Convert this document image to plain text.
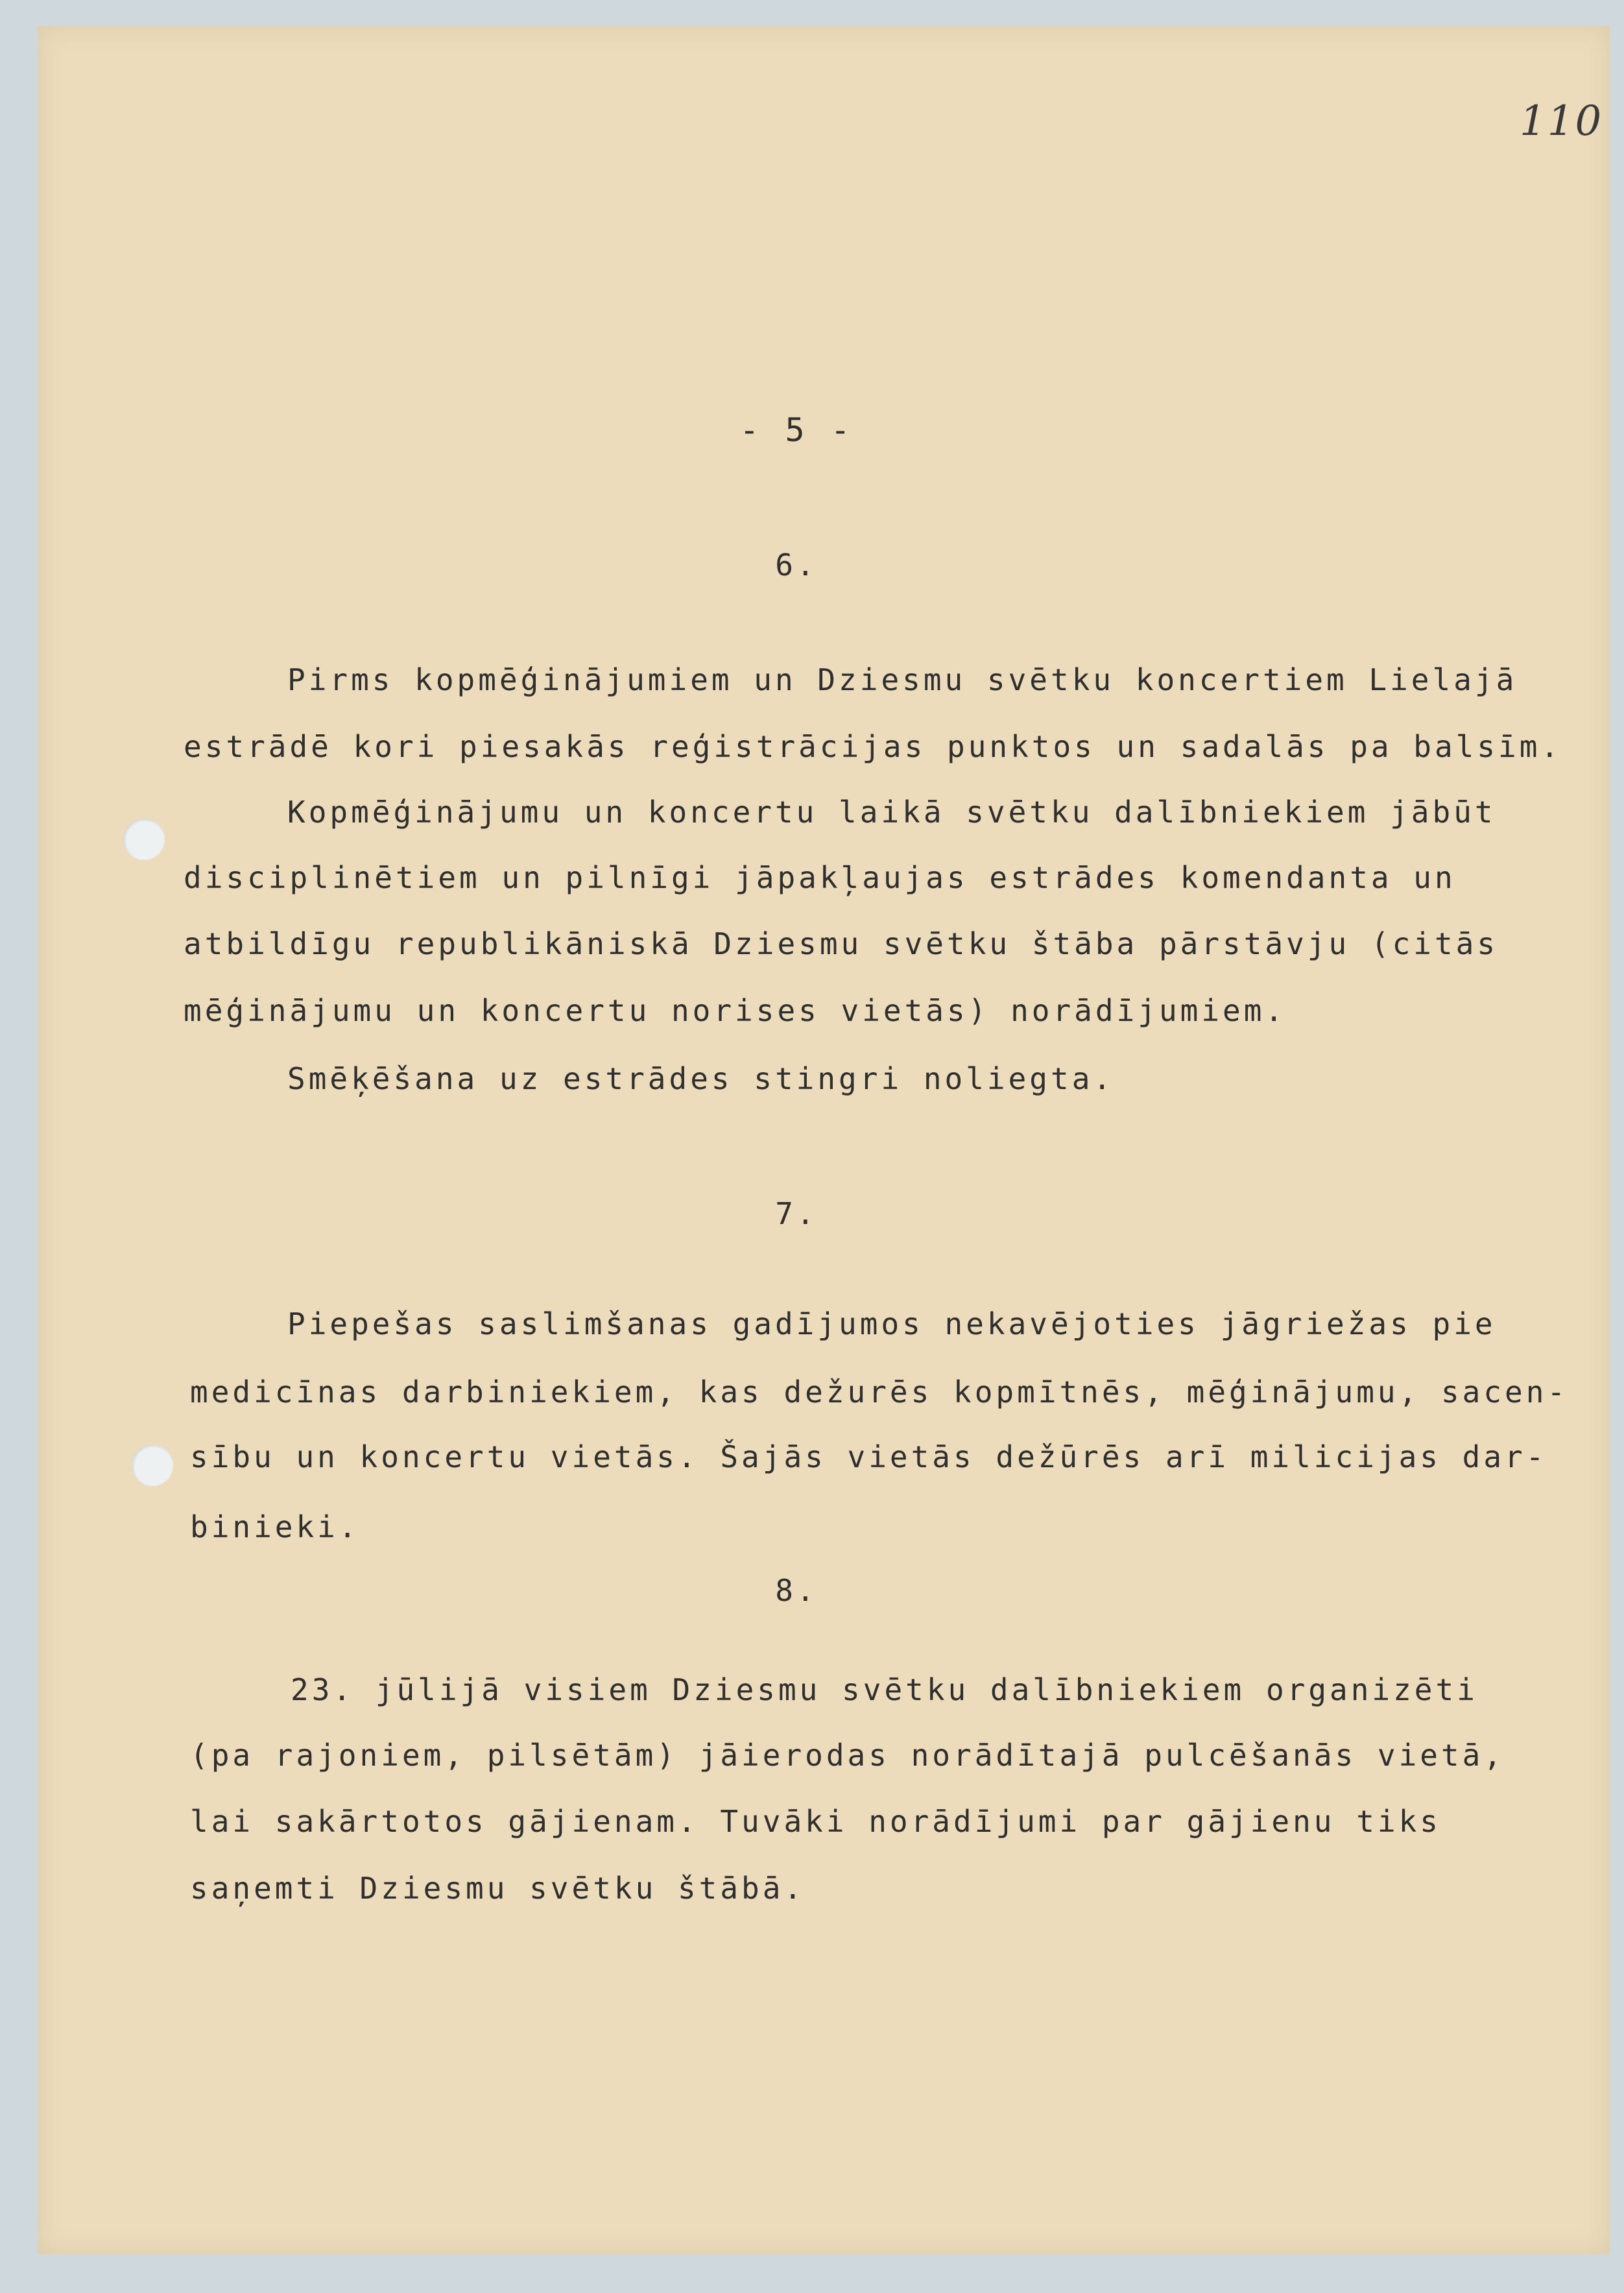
110
- 5 -
6.
Pirms kopmēģinājumiem un Dziesmu svētku koncertiem Lielajā
estrādē kori piesakās reģistrācijas punktos un sadalās pa balsīm.
Kopmēģinājumu un koncertu laikā svētku dalībniekiem jābūt
disciplinētiem un pilnīgi jāpakļaujas estrādes komendanta un
atbildīgu republikāniskā Dziesmu svētku štāba pārstāvju (citās
mēģinājumu un koncertu norises vietās) norādījumiem.
Smēķēšana uz estrādes stingri noliegta.
7.
Piepešas saslimšanas gadījumos nekavējoties jāgriežas pie
medicīnas darbiniekiem, kas dežurēs kopmītnēs, mēģinājumu, sacen-
sību un koncertu vietās. Šajās vietās dežūrēs arī milicijas dar-
binieki.
8.
23. jūlijā visiem Dziesmu svētku dalībniekiem organizēti
(pa rajoniem, pilsētām) jāierodas norādītajā pulcēšanās vietā,
lai sakārtotos gājienam. Tuvāki norādījumi par gājienu tiks
saņemti Dziesmu svētku štābā.
